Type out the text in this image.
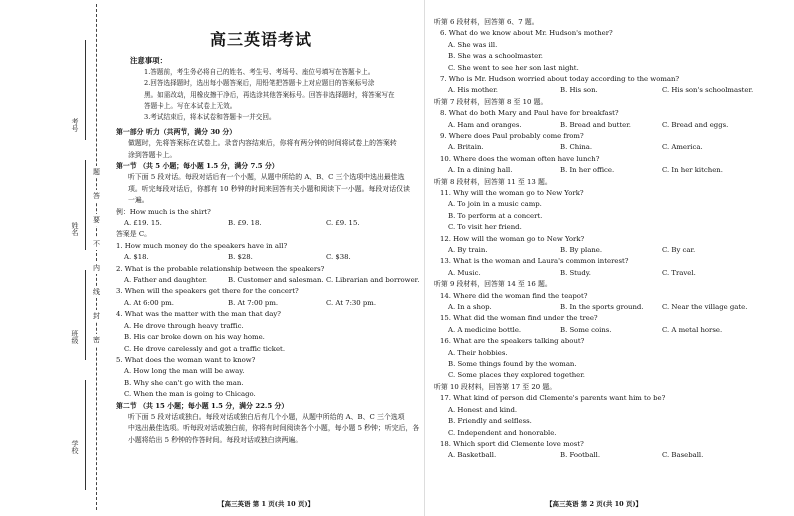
考号
姓名
班级
学校
题
答
要
不
内
线
封
密
高三英语考试
注意事项：
1.答题前，考生务必将自己的姓名、考生号、考场号、座位号填写在答题卡上。
2.回答选择题时，选出每小题答案后，用铅笔把答题卡上对应题目的答案标号涂
黑。如需改动，用橡皮擦干净后，再选涂其他答案标号。回答非选择题时，将答案写在
答题卡上。写在本试卷上无效。
3.考试结束后，将本试卷和答题卡一并交回。
第一部分 听力（共两节，满分 30 分）
做题时，先将答案标在试卷上。录音内容结束后，你将有两分钟的时间将试卷上的答案转
涂到答题卡上。
第一节 （共 5 小题；每小题 1.5 分，满分 7.5 分）
听下面 5 段对话。每段对话后有一个小题，从题中所给的 A、B、C 三个选项中选出最佳选
项。听完每段对话后，你都有 10 秒钟的时间来回答有关小题和阅读下一小题。每段对话仅读
一遍。
例：How much is the shirt?
A. £19. 15.	B. £9. 18.	C. £9. 15.
答案是 C。
1. How much money do the speakers have in all?
A. $18.	B. $28.	C. $38.
2. What is the probable relationship between the speakers?
A. Father and daughter.	B. Customer and salesman. C. Librarian and borrower.
3. When will the speakers get there for the concert?
A. At 6:00 pm.	B. At 7:00 pm.	C. At 7:30 pm.
4. What was the matter with the man that day?
A. He drove through heavy traffic.
B. His car broke down on his way home.
C. He drove carelessly and got a traffic ticket.
5. What does the woman want to know?
A. How long the man will be away.
B. Why she can't go with the man.
C. When the man is going to Chicago.
第二节 （共 15 小题；每小题 1.5 分，满分 22.5 分）
听下面 5 段对话或独白。每段对话或独白后有几个小题，从题中所给的 A、B、C 三个选项
中选出最佳选项。听每段对话或独白前，你将有时间阅读各个小题，每小题 5 秒钟；听完后，各
小题将给出 5 秒钟的作答时间。每段对话或独白读两遍。
【高三英语 第 1 页(共 10 页)】
听第 6 段材料，回答第 6、7 题。
6. What do we know about Mr. Hudson's mother?
A. She was ill.
B. She was a schoolmaster.
C. She went to see her son last night.
7. Who is Mr. Hudson worried about today according to the woman?
A. His mother.	B. His son.	C. His son's schoolmaster.
听第 7 段材料，回答第 8 至 10 题。
8. What do both Mary and Paul have for breakfast?
A. Ham and oranges.	B. Bread and butter.	C. Bread and eggs.
9. Where does Paul probably come from?
A. Britain.	B. China.	C. America.
10. Where does the woman often have lunch?
A. In a dining hall.	B. In her office.	C. In her kitchen.
听第 8 段材料，回答第 11 至 13 题。
11. Why will the woman go to New York?
A. To join in a music camp.
B. To perform at a concert.
C. To visit her friend.
12. How will the woman go to New York?
A. By train.	B. By plane.	C. By car.
13. What is the woman and Laura's common interest?
A. Music.	B. Study.	C. Travel.
听第 9 段材料，回答第 14 至 16 题。
14. Where did the woman find the teapot?
A. In a shop.	B. In the sports ground.	C. Near the village gate.
15. What did the woman find under the tree?
A. A medicine bottle.	B. Some coins.	C. A metal horse.
16. What are the speakers talking about?
A. Their hobbies.
B. Some things found by the woman.
C. Some places they explored together.
听第 10 段材料，回答第 17 至 20 题。
17. What kind of person did Clemente's parents want him to be?
A. Honest and kind.
B. Friendly and selfless.
C. Independent and honorable.
18. Which sport did Clemente love most?
A. Basketball.	B. Football.	C. Baseball.
【高三英语 第 2 页(共 10 页)】
